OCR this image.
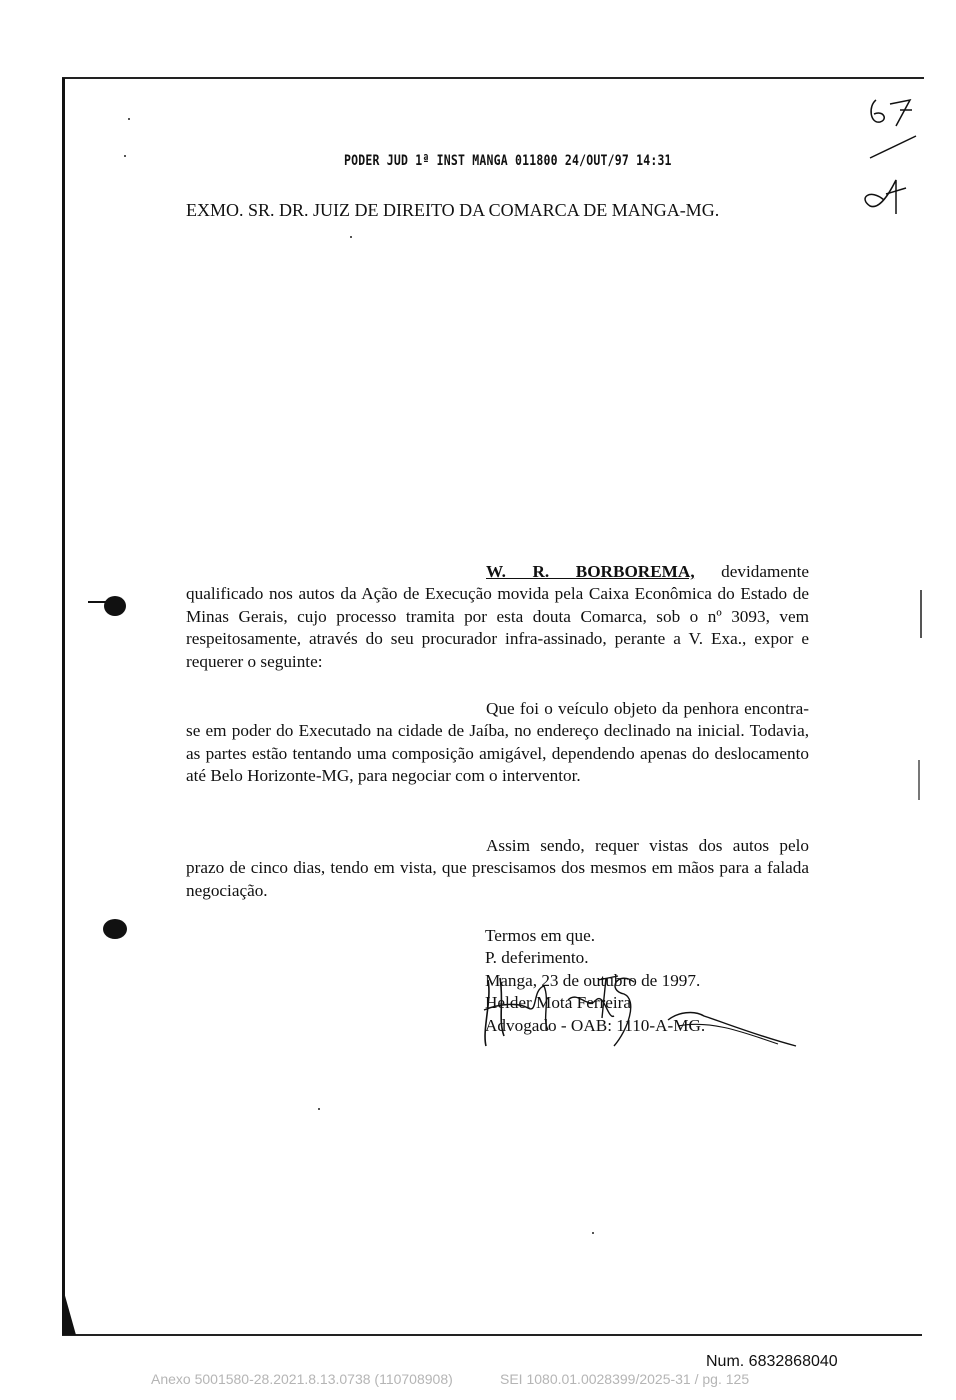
PODER JUD 1ª INST MANGA 011800 24/OUT/97 14:31
EXMO. SR. DR. JUIZ DE DIREITO DA COMARCA DE MANGA-MG.

W. R. BORBOREMA, devidamente qualificado nos autos da Ação de Execução movida pela Caixa Econômica do Estado de Minas Gerais, cujo processo tramita por esta douta Comarca, sob o nº 3093, vem respeitosamente, através do seu procurador infra-assinado, perante a V. Exa., expor e requerer o seguinte:

Que foi o veículo objeto da penhora encontra-se em poder do Executado na cidade de Jaíba, no endereço declinado na inicial. Todavia, as partes estão tentando uma composição amigável, dependendo apenas do deslocamento até Belo Horizonte-MG, para negociar com o interventor.

Assim sendo, requer vistas dos autos pelo prazo de cinco dias, tendo em vista, que prescisamos dos mesmos em mãos para a falada negociação.

Termos em que.
P. deferimento.
Manga, 23 de outubro de 1997.
Helder Mota Ferreira
Advogado - OAB: 1110-A-MG.
Num. 6832868040
Anexo 5001580-28.2021.8.13.0738 (110708908)	SEI 1080.01.0028399/2025-31 / pg. 125
